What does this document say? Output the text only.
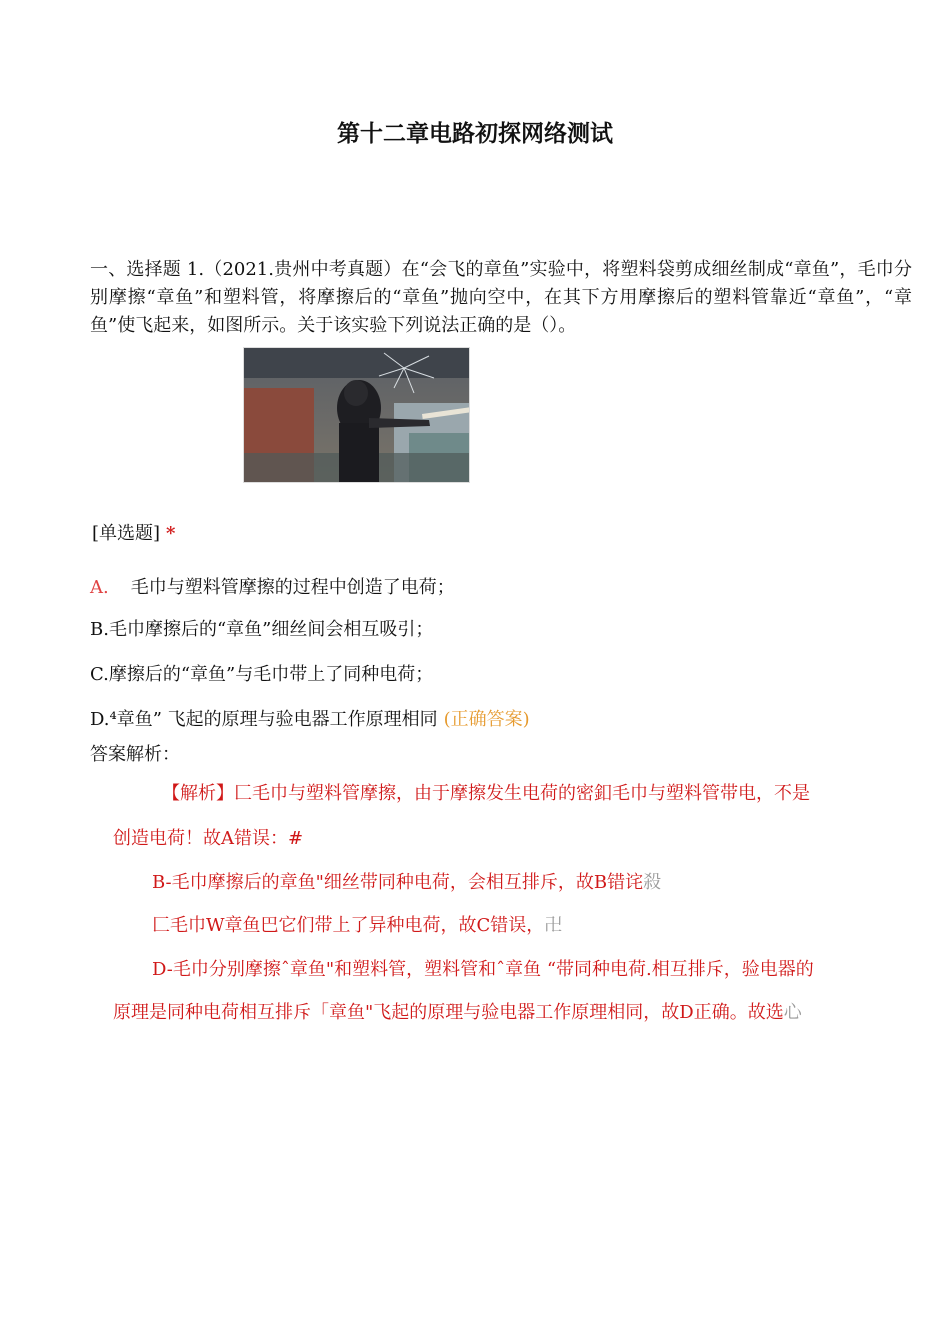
第十二章电路初探网络测试
一、选择题 1.（2021.贵州中考真题）在“会飞的章鱼”实验中，将塑料袋剪成细丝制成“章鱼”，毛巾分别摩擦“章鱼”和塑料管，将摩擦后的“章鱼”抛向空中，在其下方用摩擦后的塑料管靠近“章鱼”，“章鱼”使飞起来，如图所示。关于该实验下列说法正确的是（）。
[单选题] *
A. 毛巾与塑料管摩擦的过程中创造了电荷；
B.毛巾摩擦后的“章鱼”细丝间会相互吸引；
C.摩擦后的“章鱼”与毛巾带上了同种电荷；
D.⁴章鱼” 飞起的原理与验电器工作原理相同 (正确答案)
答案解析：
【解析】匚毛巾与塑料管摩擦，由于摩擦发生电荷的密釦毛巾与塑料管带电，不是
创造电荷！故A错误：#
B-毛巾摩擦后的章鱼"细丝带同种电荷，会相互排斥，故B错诧殺
匚毛巾W章鱼巴它们带上了异种电荷，故C错误，卍
D-毛巾分别摩擦ˆ章鱼"和塑料管，塑料管和ˆ章鱼 “带同种电荷.相互排斥，验电器的
原理是同种电荷相互排斥「章鱼"飞起的原理与验电器工作原理相同，故D正确。故选心
